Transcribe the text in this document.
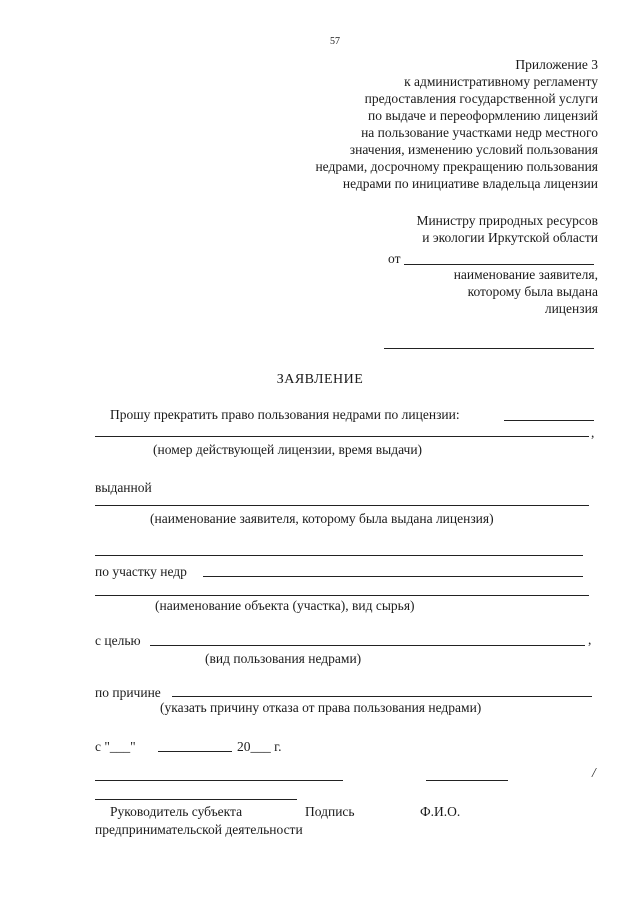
57
Приложение 3
к административному регламенту
предоставления государственной услуги
по выдаче и переоформлению лицензий
на пользование участками недр местного
значения, изменению условий пользования
недрами, досрочному прекращению пользования
недрами по инициативе владельца лицензии
Министру природных ресурсов
и экологии Иркутской области
от
наименование заявителя,
которому была выдана
лицензия
ЗАЯВЛЕНИЕ
Прошу прекратить право пользования недрами по лицензии:
,
(номер действующей лицензии, время выдачи)
выданной
(наименование заявителя, которому была выдана лицензия)
по участку недр
(наименование объекта (участка), вид сырья)
с целью	,
(вид пользования недрами)
по причине
(указать причину отказа от права пользования недрами)
с "___"	20___ г.
/
Руководитель субъекта	Подпись	Ф.И.О.
предпринимательской деятельности
